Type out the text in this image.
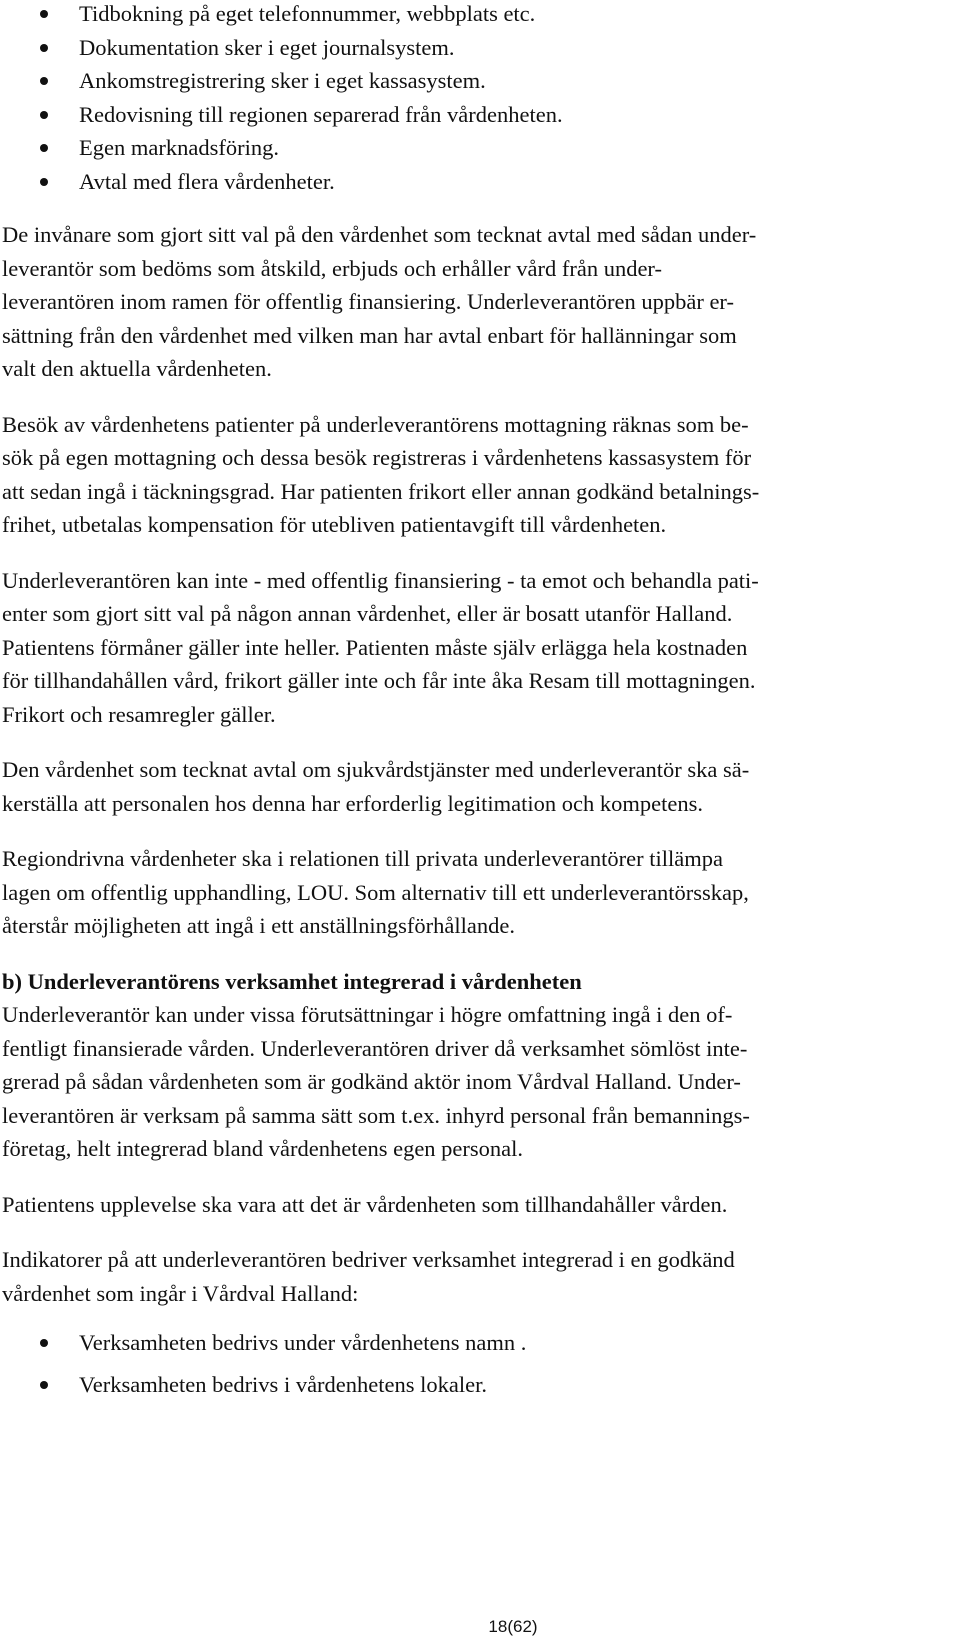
Tidbokning på eget telefonnummer, webbplats etc.
Dokumentation sker i eget journalsystem.
Ankomstregistrering sker i eget kassasystem.
Redovisning till regionen separerad från vårdenheten.
Egen marknadsföring.
Avtal med flera vårdenheter.

De invånare som gjort sitt val på den vårdenhet som tecknat avtal med sådan under-
leverantör som bedöms som åtskild, erbjuds och erhåller vård från under-
leverantören inom ramen för offentlig finansiering. Underleverantören uppbär er-
sättning från den vårdenhet med vilken man har avtal enbart för hallänningar som
valt den aktuella vårdenheten.

Besök av vårdenhetens patienter på underleverantörens mottagning räknas som be-
sök på egen mottagning och dessa besök registreras i vårdenhetens kassasystem för
att sedan ingå i täckningsgrad. Har patienten frikort eller annan godkänd betalnings-
frihet, utbetalas kompensation för utebliven patientavgift till vårdenheten.

Underleverantören kan inte - med offentlig finansiering - ta emot och behandla pati-
enter som gjort sitt val på någon annan vårdenhet, eller är bosatt utanför Halland.
Patientens förmåner gäller inte heller. Patienten måste själv erlägga hela kostnaden
för tillhandahållen vård, frikort gäller inte och får inte åka Resam till mottagningen.
Frikort och resamregler gäller.

Den vårdenhet som tecknat avtal om sjukvårdstjänster med underleverantör ska sä-
kerställa att personalen hos denna har erforderlig legitimation och kompetens.

Regiondrivna vårdenheter ska i relationen till privata underleverantörer tillämpa
lagen om offentlig upphandling, LOU. Som alternativ till ett underleverantörsskap,
återstår möjligheten att ingå i ett anställningsförhållande.

b) Underleverantörens verksamhet integrerad i vårdenheten

Underleverantör kan under vissa förutsättningar i högre omfattning ingå i den of-
fentligt finansierade vården. Underleverantören driver då verksamhet sömlöst inte-
grerad på sådan vårdenheten som är godkänd aktör inom Vårdval Halland. Under-
leverantören är verksam på samma sätt som t.ex. inhyrd personal från bemannings-
företag, helt integrerad bland vårdenhetens egen personal.

Patientens upplevelse ska vara att det är vårdenheten som tillhandahåller vården.

Indikatorer på att underleverantören bedriver verksamhet integrerad i en godkänd
vårdenhet som ingår i Vårdval Halland:

Verksamheten bedrivs under vårdenhetens namn .
Verksamheten bedrivs i vårdenhetens lokaler.
18(62)
